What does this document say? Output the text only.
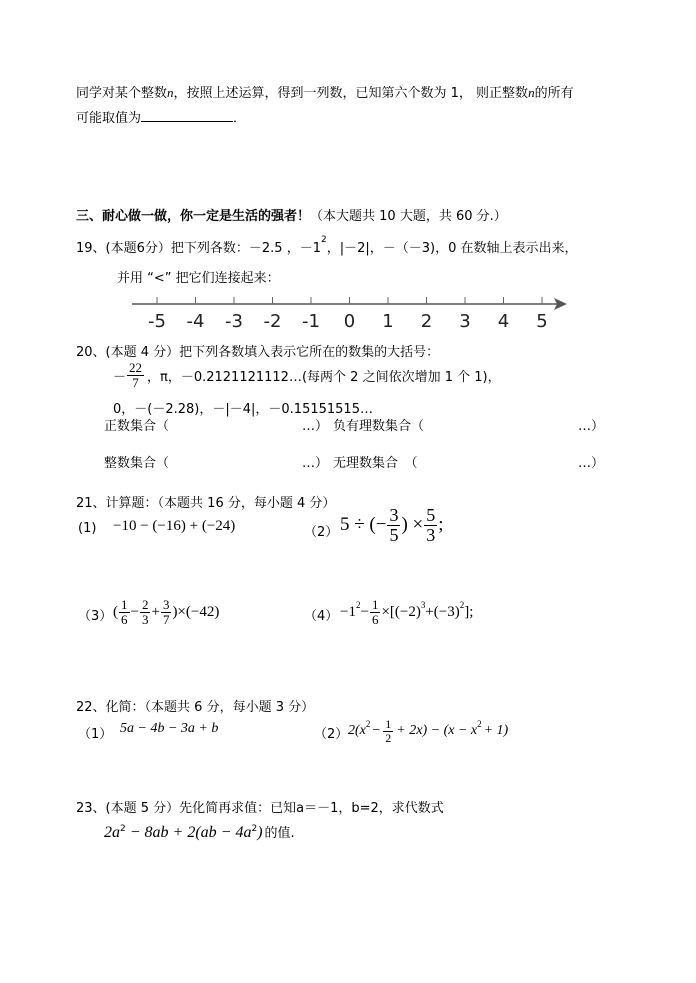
同学对某个整数n，按照上述运算，得到一列数，已知第六个数为 1， 则正整数n的所有
可能取值为	．
三、耐心做一做，你一定是生活的强者！（本大题共 10 大题，共 60 分.）
19、(本题6分）把下列各数：－2.5 ，$-1^2$，|－2|，－（－3)，0 在数轴上表示出来，
并用 “<” 把它们连接起来：
-5 -4 -3 -2 -1 0 1 2 3 4 5
20、(本题 4 分）把下列各数填入表示它所在的数集的大括号：
－ $\frac{22}{7}$ ，π，－0.2121121112…(每两个 2 之间依次增加 1 个 1)，
0，－(－2.28)，－|－4|，－0.15151515…
正数集合（	…） 负有理数集合（	…）
整数集合（	…） 无理数集合　（	…）
21、计算题：（本题共 16 分，每小题 4 分）
(1) −10 − (−16) + (−24)	（2） 5 ÷ (− $\frac{3}{5}$ ) × $\frac{5}{3}$ ;
（3） ( $\frac{1}{6} - \frac{2}{3} + \frac{3}{7} )\times(-42)$	$(4) -1^2 - \frac{1}{6} \times[(-2)^3 +(-3)^2$ ];
22、化简：（本题共 6 分，每小题 3 分）
（1） 5a − 4b − 3a + b	（2） $2(x^2 - \frac{1}{2} + 2x) - (x - x^2 + 1)$
23、(本题 5 分）先化简再求值：已知a＝－1，b=2，求代数式
$2a^2 - 8ab + 2(ab - 4a^2$ ) 的值.
